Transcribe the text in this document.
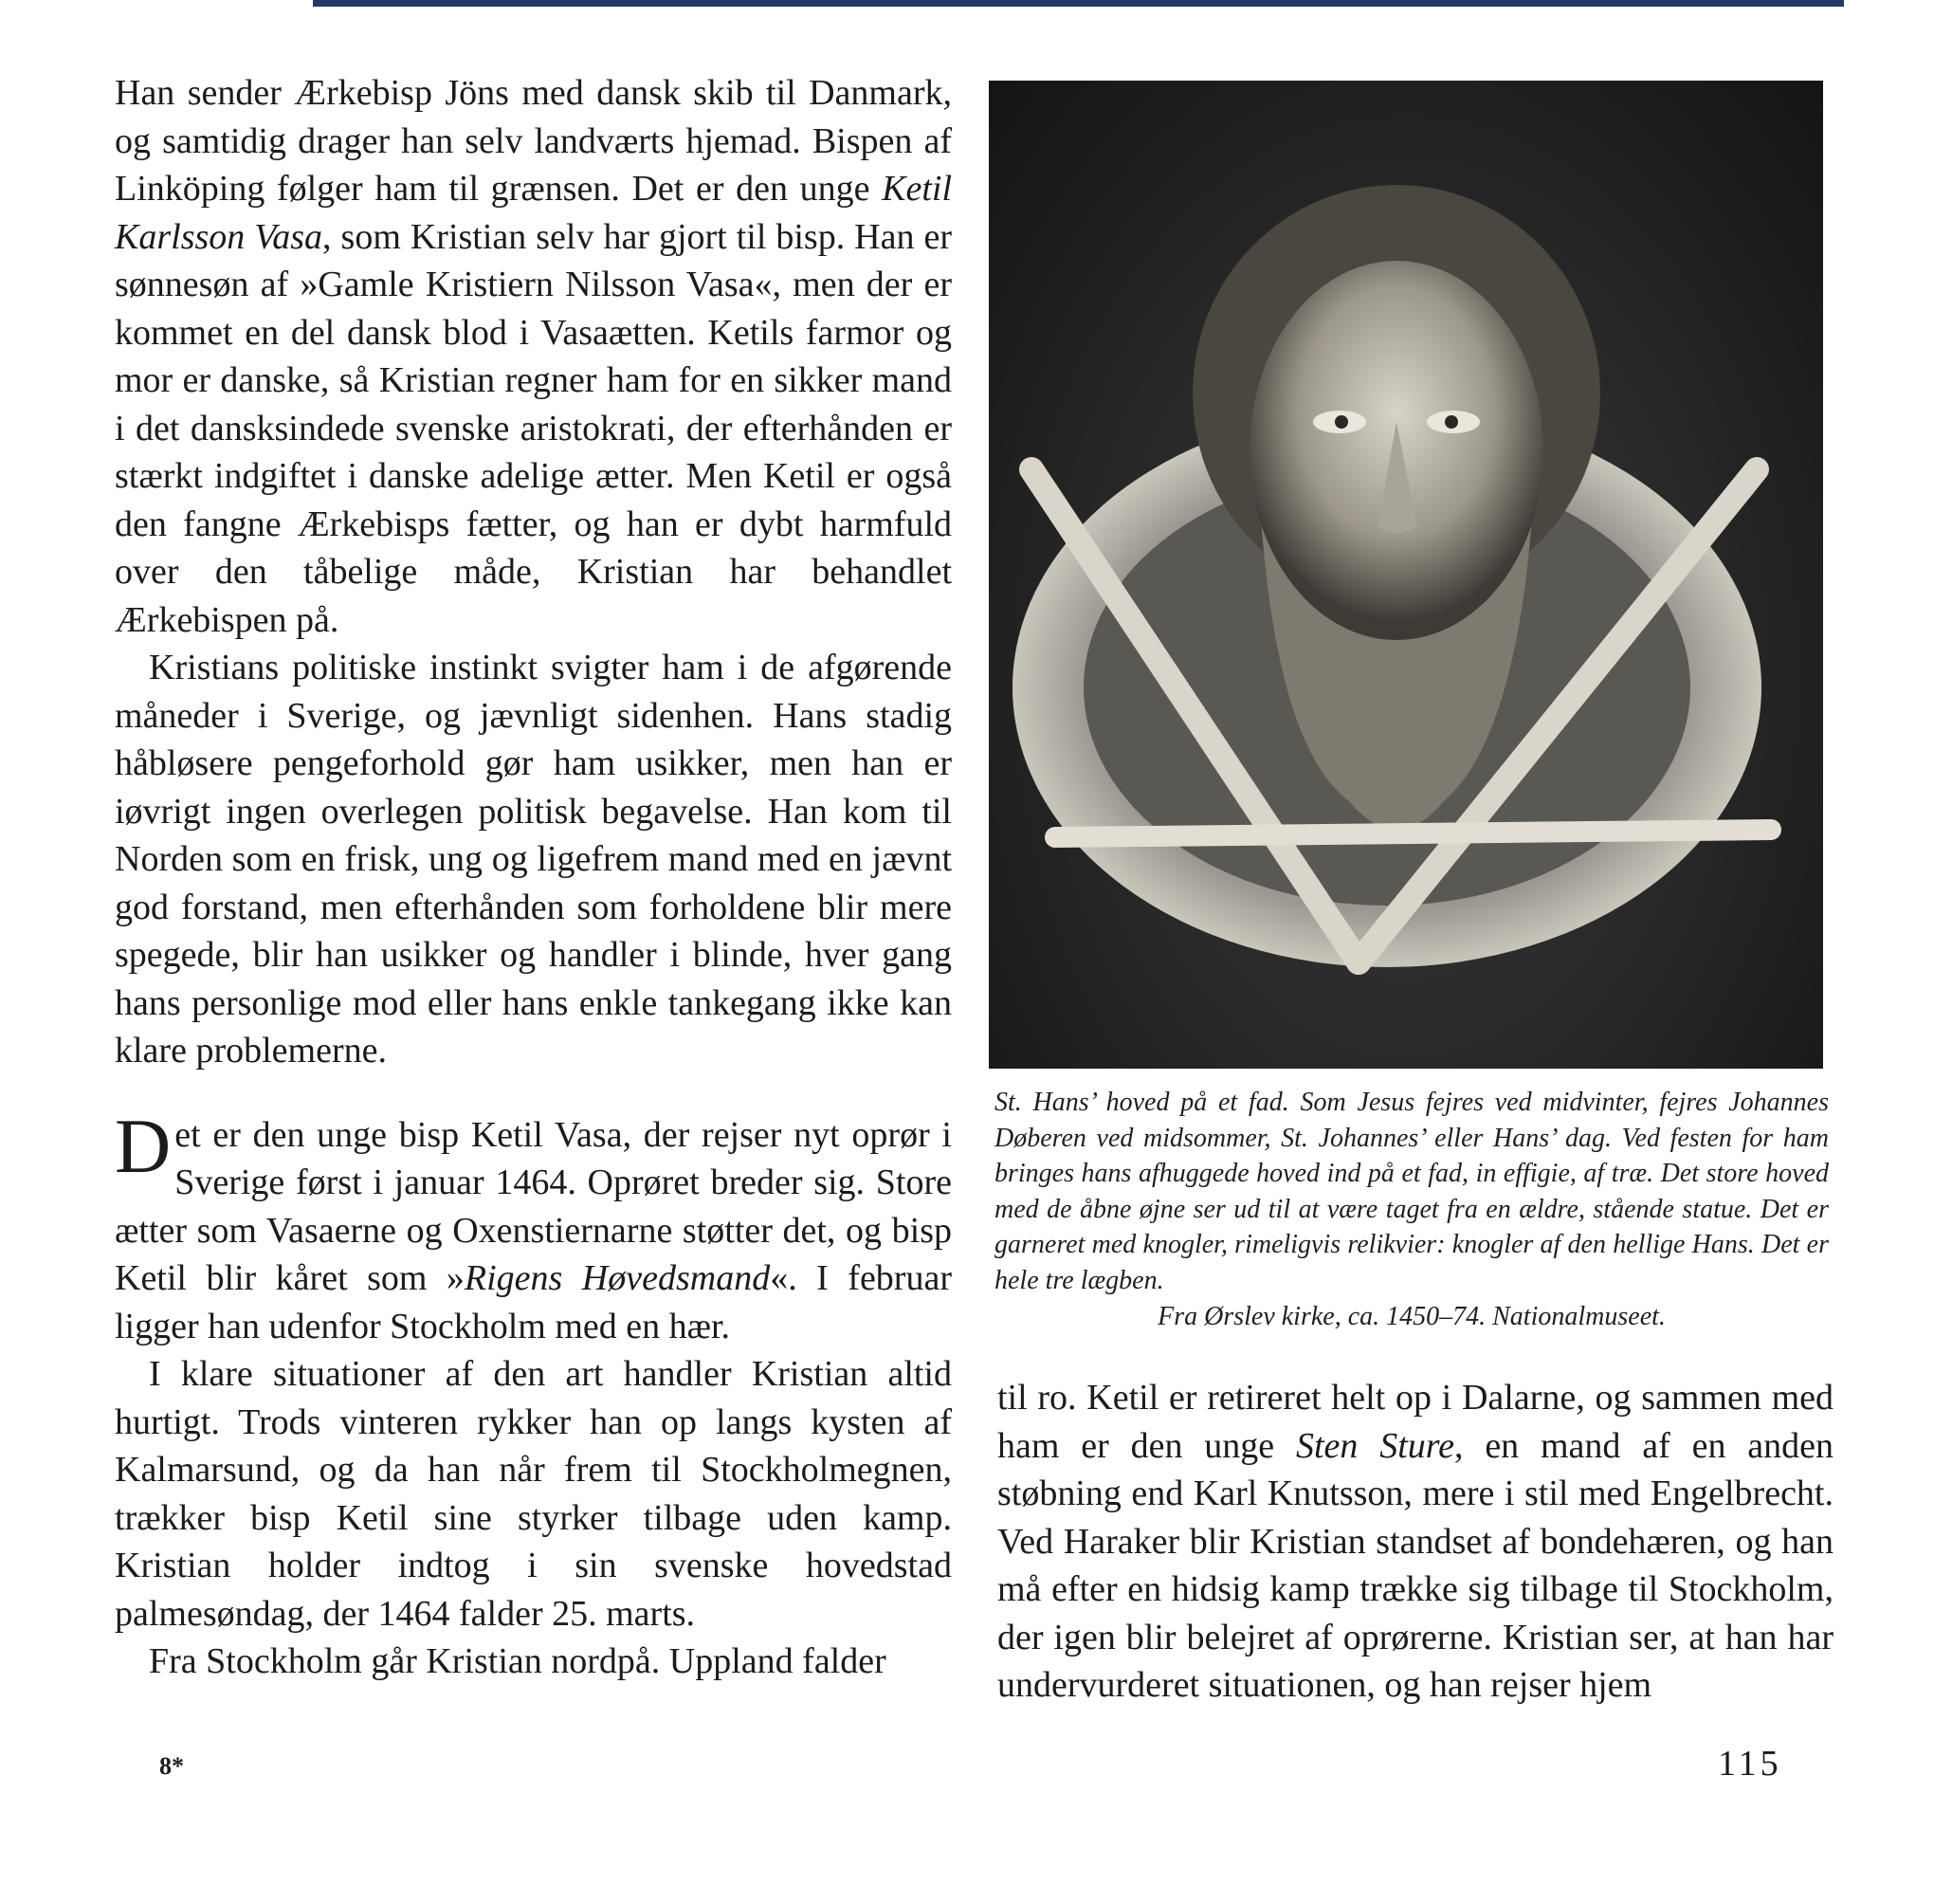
Han sender Ærkebisp Jöns med dansk skib til Danmark, og samtidig drager han selv landværts hjemad. Bispen af Linköping følger ham til grænsen. Det er den unge Ketil Karlsson Vasa, som Kristian selv har gjort til bisp. Han er sønnesøn af »Gamle Kristiern Nilsson Vasa«, men der er kommet en del dansk blod i Vasaætten. Ketils farmor og mor er danske, så Kristian regner ham for en sikker mand i det dansksindede svenske aristokrati, der efterhånden er stærkt indgiftet i danske adelige ætter. Men Ketil er også den fangne Ærkebisps fætter, og han er dybt harmfuld over den tåbelige måde, Kristian har behandlet Ærkebispen på.

Kristians politiske instinkt svigter ham i de afgørende måneder i Sverige, og jævnligt sidenhen. Hans stadig håbløsere pengeforhold gør ham usikker, men han er iøvrigt ingen overlegen politisk begavelse. Han kom til Norden som en frisk, ung og ligefrem mand med en jævnt god forstand, men efterhånden som forholdene blir mere spegede, blir han usikker og handler i blinde, hver gang hans personlige mod eller hans enkle tankegang ikke kan klare problemerne.

Det er den unge bisp Ketil Vasa, der rejser nyt oprør i Sverige først i januar 1464. Oprøret breder sig. Store ætter som Vasaerne og Oxenstiernarne støtter det, og bisp Ketil blir kåret som »Rigens Høvedsmand«. I februar ligger han udenfor Stockholm med en hær.

I klare situationer af den art handler Kristian altid hurtigt. Trods vinteren rykker han op langs kysten af Kalmarsund, og da han når frem til Stockholmegnen, trækker bisp Ketil sine styrker tilbage uden kamp. Kristian holder indtog i sin svenske hovedstad palmesøndag, der 1464 falder 25. marts.

Fra Stockholm går Kristian nordpå. Uppland falder

St. Hans’ hoved på et fad. Som Jesus fejres ved midvinter, fejres Johannes Døberen ved midsommer, St. Johannes’ eller Hans’ dag. Ved festen for ham bringes hans afhuggede hoved ind på et fad, in effigie, af træ. Det store hoved med de åbne øjne ser ud til at være taget fra en ældre, stående statue. Det er garneret med knogler, rimeligvis relikvier: knogler af den hellige Hans. Det er hele tre lægben.
Fra Ørslev kirke, ca. 1450–74. Nationalmuseet.

til ro. Ketil er retireret helt op i Dalarne, og sammen med ham er den unge Sten Sture, en mand af en anden støbning end Karl Knutsson, mere i stil med Engelbrecht. Ved Haraker blir Kristian standset af bondehæren, og han må efter en hidsig kamp trække sig tilbage til Stockholm, der igen blir belejret af oprørerne. Kristian ser, at han har undervurderet situationen, og han rejser hjem

8*	115
